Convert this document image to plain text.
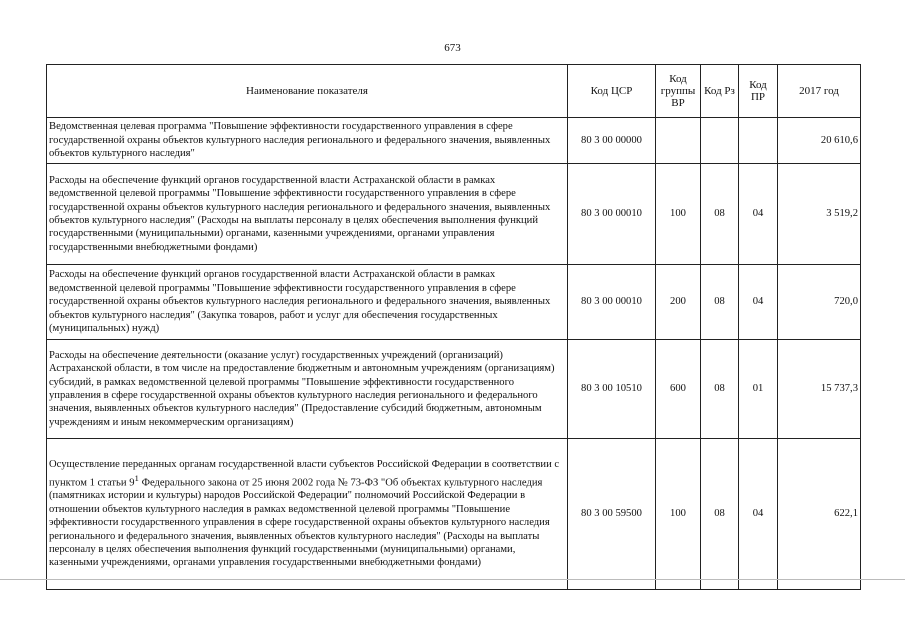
673
Наименование показателя	Код ЦСР	Код группы ВР	Код Рз	Код ПР	2017 год
Ведомственная целевая программа "Повышение эффективности государственного управления в сфере государственной охраны объектов культурного наследия регионального и федерального значения, выявленных объектов культурного наследия"	80 3 00 00000				20 610,6
Расходы на обеспечение функций органов государственной власти Астраханской области в рамках ведомственной целевой программы "Повышение эффективности государственного управления в сфере государственной охраны объектов культурного наследия регионального и федерального значения, выявленных объектов культурного наследия" (Расходы на выплаты персоналу в целях обеспечения выполнения функций государственными (муниципальными) органами, казенными учреждениями, органами управления государственными внебюджетными фондами)	80 3 00 00010	100	08	04	3 519,2
Расходы на обеспечение функций органов государственной власти Астраханской области в рамках ведомственной целевой программы "Повышение эффективности государственного управления в сфере государственной охраны объектов культурного наследия регионального и федерального значения, выявленных объектов культурного наследия" (Закупка товаров, работ и услуг для обеспечения государственных (муниципальных) нужд)	80 3 00 00010	200	08	04	720,0
Расходы на обеспечение деятельности (оказание услуг) государственных учреждений (организаций) Астраханской области, в том числе на предоставление бюджетным и автономным учреждениям (организациям) субсидий, в рамках ведомственной целевой программы "Повышение эффективности государственного управления в сфере государственной охраны объектов культурного наследия регионального и федерального значения, выявленных объектов культурного наследия" (Предоставление субсидий бюджетным, автономным учреждениям и иным некоммерческим организациям)	80 3 00 10510	600	08	01	15 737,3
Осуществление переданных органам государственной власти субъектов Российской Федерации в соответствии с пунктом 1 статьи $9^1$ Федерального закона от 25 июня 2002 года № 73-ФЗ "Об объектах культурного наследия (памятниках истории и культуры) народов Российской Федерации" полномочий Российской Федерации в отношении объектов культурного наследия в рамках ведомственной целевой программы "Повышение эффективности государственного управления в сфере государственной охраны объектов культурного наследия регионального и федерального значения, выявленных объектов культурного наследия" (Расходы на выплаты персоналу в целях обеспечения выполнения функций государственными (муниципальными) органами, казенными учреждениями, органами управления государственными внебюджетными фондами)	80 3 00 59500	100	08	04	622,1
